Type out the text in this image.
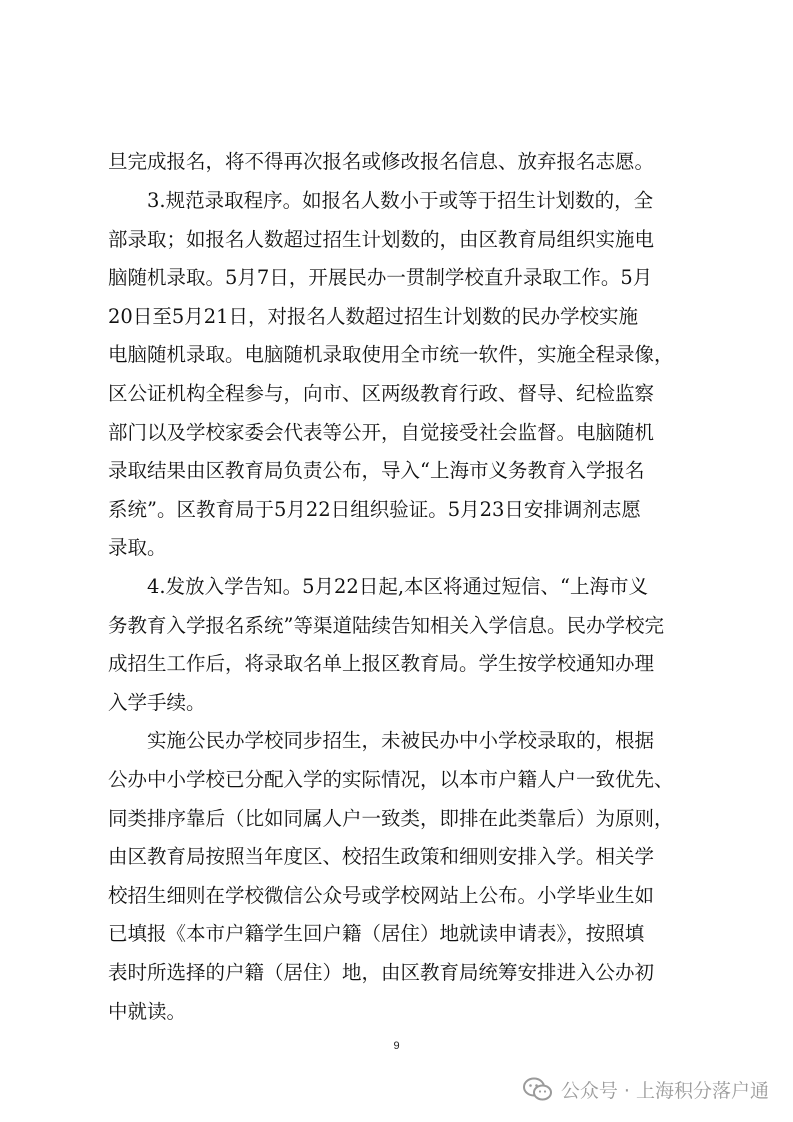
旦完成报名，将不得再次报名或修改报名信息、放弃报名志愿。
3.规范录取程序。如报名人数小于或等于招生计划数的，全
部录取；如报名人数超过招生计划数的，由区教育局组织实施电
脑随机录取。5月7日，开展民办一贯制学校直升录取工作。5月
20日至5月21日，对报名人数超过招生计划数的民办学校实施
电脑随机录取。电脑随机录取使用全市统一软件，实施全程录像，
区公证机构全程参与，向市、区两级教育行政、督导、纪检监察
部门以及学校家委会代表等公开，自觉接受社会监督。电脑随机
录取结果由区教育局负责公布，导入“上海市义务教育入学报名
系统”。区教育局于5月22日组织验证。5月23日安排调剂志愿
录取。
4.发放入学告知。5月22日起,本区将通过短信、“上海市义
务教育入学报名系统”等渠道陆续告知相关入学信息。民办学校完
成招生工作后，将录取名单上报区教育局。学生按学校通知办理
入学手续。
实施公民办学校同步招生，未被民办中小学校录取的，根据
公办中小学校已分配入学的实际情况，以本市户籍人户一致优先、
同类排序靠后（比如同属人户一致类，即排在此类靠后）为原则，
由区教育局按照当年度区、校招生政策和细则安排入学。相关学
校招生细则在学校微信公众号或学校网站上公布。小学毕业生如
已填报《本市户籍学生回户籍（居住）地就读申请表》，按照填
表时所选择的户籍（居住）地，由区教育局统筹安排进入公办初
中就读。
9
公众号 · 上海积分落户通
